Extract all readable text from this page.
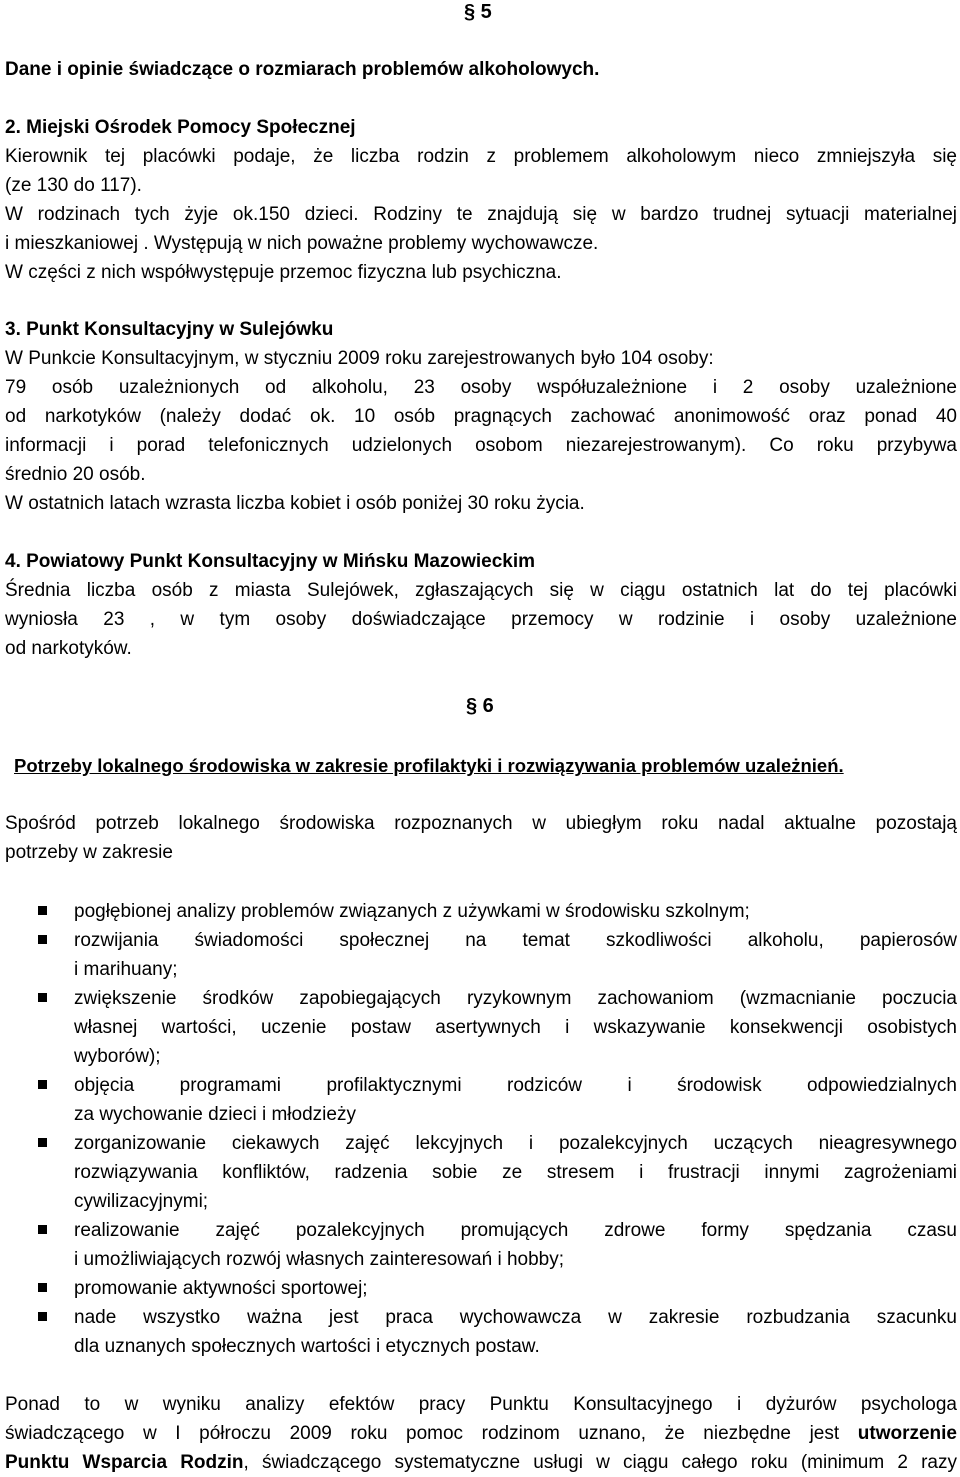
§ 5

Dane i opinie świadczące o rozmiarach problemów alkoholowych.

2. Miejski Ośrodek Pomocy Społecznej

Kierownik tej placówki podaje, że liczba rodzin z problemem alkoholowym nieco zmniejszyła się

(ze 130 do 117).

W rodzinach tych żyje ok.150 dzieci. Rodziny te znajdują się w bardzo trudnej sytuacji materialnej

i mieszkaniowej . Występują w nich poważne problemy wychowawcze.

W części z nich współwystępuje przemoc fizyczna lub psychiczna.

3. Punkt Konsultacyjny w Sulejówku

W Punkcie Konsultacyjnym, w styczniu 2009 roku zarejestrowanych było 104 osoby:

79 osób uzależnionych od alkoholu, 23 osoby współuzależnione i 2 osoby uzależnione

od narkotyków (należy dodać ok. 10 osób pragnących zachować anonimowość oraz ponad 40

informacji i porad telefonicznych udzielonych osobom niezarejestrowanym). Co roku przybywa

średnio 20 osób.

W ostatnich latach wzrasta liczba kobiet i osób poniżej 30 roku życia.

4. Powiatowy Punkt Konsultacyjny w Mińsku Mazowieckim

Średnia liczba osób z miasta Sulejówek, zgłaszających się w ciągu ostatnich lat do tej placówki

wyniosła 23 , w tym osoby doświadczające przemocy w rodzinie i osoby uzależnione

od narkotyków.

§ 6

Potrzeby lokalnego środowiska w zakresie profilaktyki i rozwiązywania problemów uzależnień.

Spośród potrzeb lokalnego środowiska rozpoznanych w ubiegłym roku nadal aktualne pozostają

potrzeby w zakresie

pogłębionej analizy problemów związanych z używkami w środowisku szkolnym;
rozwijania świadomości społecznej na temat szkodliwości alkoholu, papierosów
i marihuany;
zwiększenie środków zapobiegających ryzykownym zachowaniom (wzmacnianie poczucia
własnej wartości, uczenie postaw asertywnych i wskazywanie konsekwencji osobistych
wyborów);
objęcia programami profilaktycznymi rodziców i środowisk odpowiedzialnych
za wychowanie dzieci i młodzieży
zorganizowanie ciekawych zajęć lekcyjnych i pozalekcyjnych uczących nieagresywnego
rozwiązywania konfliktów, radzenia sobie ze stresem i frustracji innymi zagrożeniami
cywilizacyjnymi;
realizowanie zajęć pozalekcyjnych promujących zdrowe formy spędzania czasu
i umożliwiających rozwój własnych zainteresowań i hobby;
promowanie aktywności sportowej;
nade wszystko ważna jest praca wychowawcza w zakresie rozbudzania szacunku
dla uznanych społecznych wartości i etycznych postaw.

Ponad to w wyniku analizy efektów pracy Punktu Konsultacyjnego i dyżurów psychologa

świadczącego w I półroczu 2009 roku pomoc rodzinom uznano, że niezbędne jest utworzenie

Punktu Wsparcia Rodzin, świadczącego systematyczne usługi w ciągu całego roku (minimum 2 razy
